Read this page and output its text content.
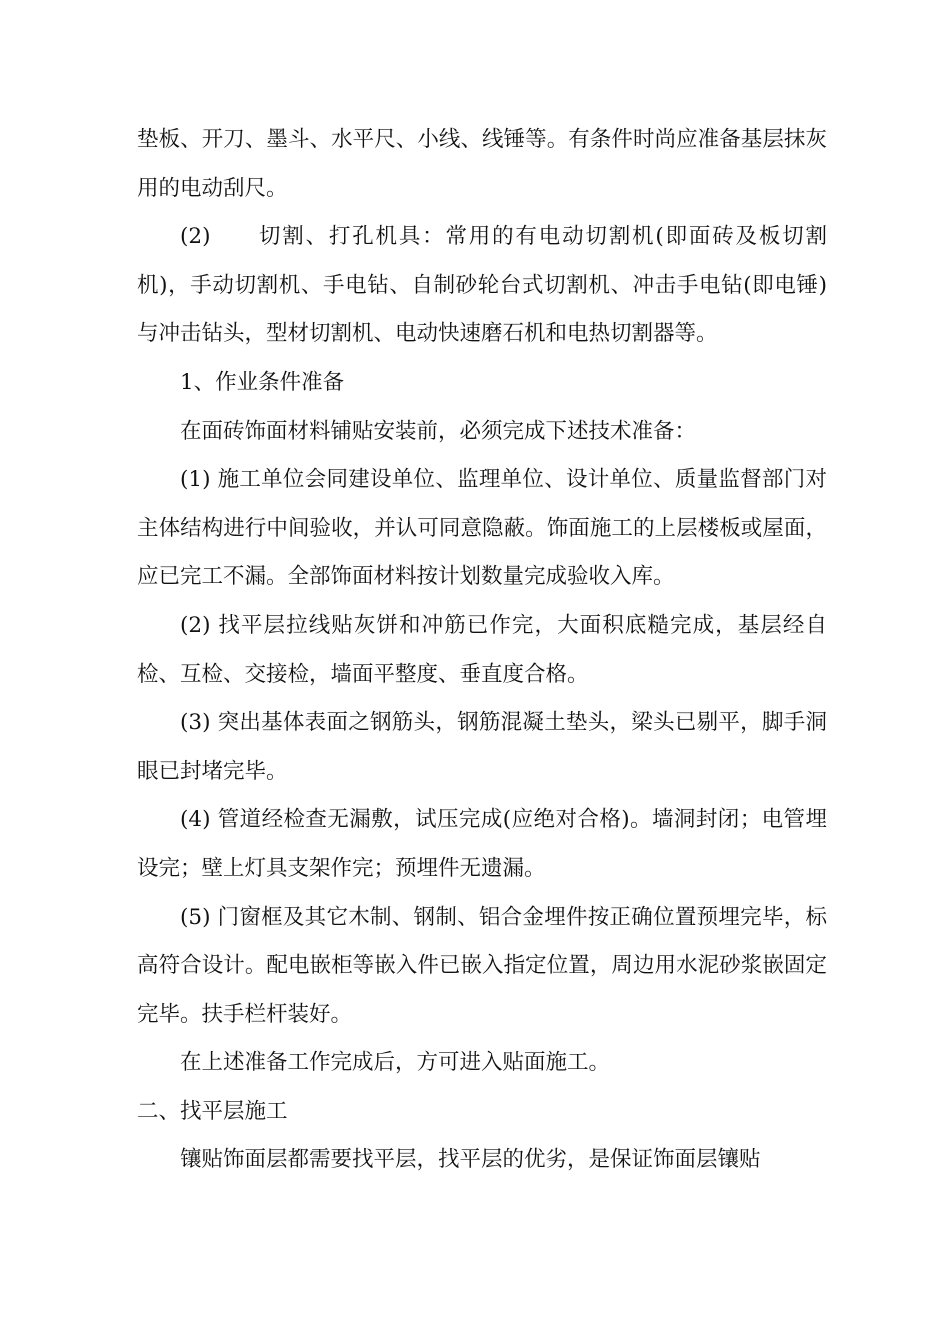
垫板、开刀、墨斗、水平尺、小线、线锤等。有条件时尚应准备基层抹灰用的电动刮尺。

(2)　　切割、打孔机具：常用的有电动切割机(即面砖及板切割机)，手动切割机、手电钻、自制砂轮台式切割机、冲击手电钻(即电锤)与冲击钻头，型材切割机、电动快速磨石机和电热切割器等。

1、作业条件准备

在面砖饰面材料铺贴安装前，必须完成下述技术准备：

(1) 施工单位会同建设单位、监理单位、设计单位、质量监督部门对主体结构进行中间验收，并认可同意隐蔽。饰面施工的上层楼板或屋面，应已完工不漏。全部饰面材料按计划数量完成验收入库。

(2) 找平层拉线贴灰饼和冲筋已作完，大面积底糙完成，基层经自检、互检、交接检，墙面平整度、垂直度合格。

(3) 突出基体表面之钢筋头，钢筋混凝土垫头，梁头已剔平，脚手洞眼已封堵完毕。

(4) 管道经检查无漏敷，试压完成(应绝对合格)。墙洞封闭；电管埋设完；壁上灯具支架作完；预埋件无遗漏。

(5) 门窗框及其它木制、钢制、铝合金埋件按正确位置预埋完毕，标高符合设计。配电嵌柜等嵌入件已嵌入指定位置，周边用水泥砂浆嵌固定完毕。扶手栏杆装好。

在上述准备工作完成后，方可进入贴面施工。

二、找平层施工

镶贴饰面层都需要找平层，找平层的优劣，是保证饰面层镶贴
